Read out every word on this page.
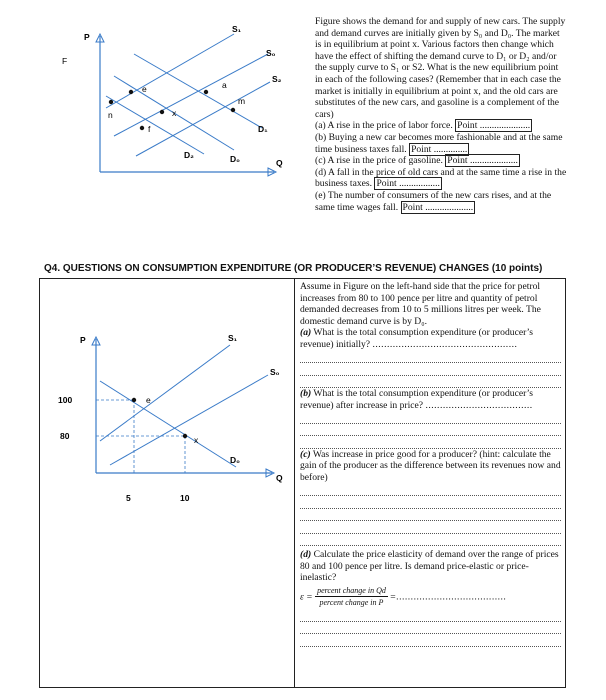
P
Q
F
S₁
S₀
S₂
D₁
D₀
D₂
n
e
x
f
a
m

Figure shows the demand for and supply of new cars. The supply and demand curves are initially given by S₀ and D₀. The market is in equilibrium at point x. Various factors then change which have the effect of shifting the demand curve to D₁ or D₂ and/or the supply curve to S₁ or S2. What is the new equilibrium point in each of the following cases? (Remember that in each case the market is initially in equilibrium at point x, and the old cars are substitutes of the new cars, and gasoline is a complement of the cars)

(a) A rise in the price of labor force. Point .....................

(b) Buying a new car becomes more fashionable and at the same time business taxes fall. Point ..............

(c) A rise in the price of gasoline. Point ....................

(d) A fall in the price of old cars and at the same time a rise in the business taxes. Point .................

(e) The number of consumers of the new cars rises, and at the same time wages fall. Point ....................

Q4. QUESTIONS ON CONSUMPTION EXPENDITURE (OR PRODUCER’S REVENUE) CHANGES (10 points)
P
Q
S₁
S₀
D₀
e
x
100
80
5	10

Assume in Figure on the left-hand side that the price for petrol increases from 80 to 100 pence per litre and quantity of petrol demanded decreases from 10 to 5 millions litres per week. The domestic demand curve is by D₀.

(a) What is the total consumption expenditure (or producer’s revenue) initially? ..................................................

(b) What is the total consumption expenditure (or producer’s revenue) after increase in price? .....................................

(c) Was increase in price good for a producer? (hint: calculate the gain of the producer as the difference between its revenues now and before)

(d) Calculate the price elasticity of demand over the range of prices 80 and 100 pence per litre. Is demand price-elastic or price-inelastic?

$\varepsilon = \frac{\text{percent change in Qd}}{\text{percent change in P}}$ =......................................
